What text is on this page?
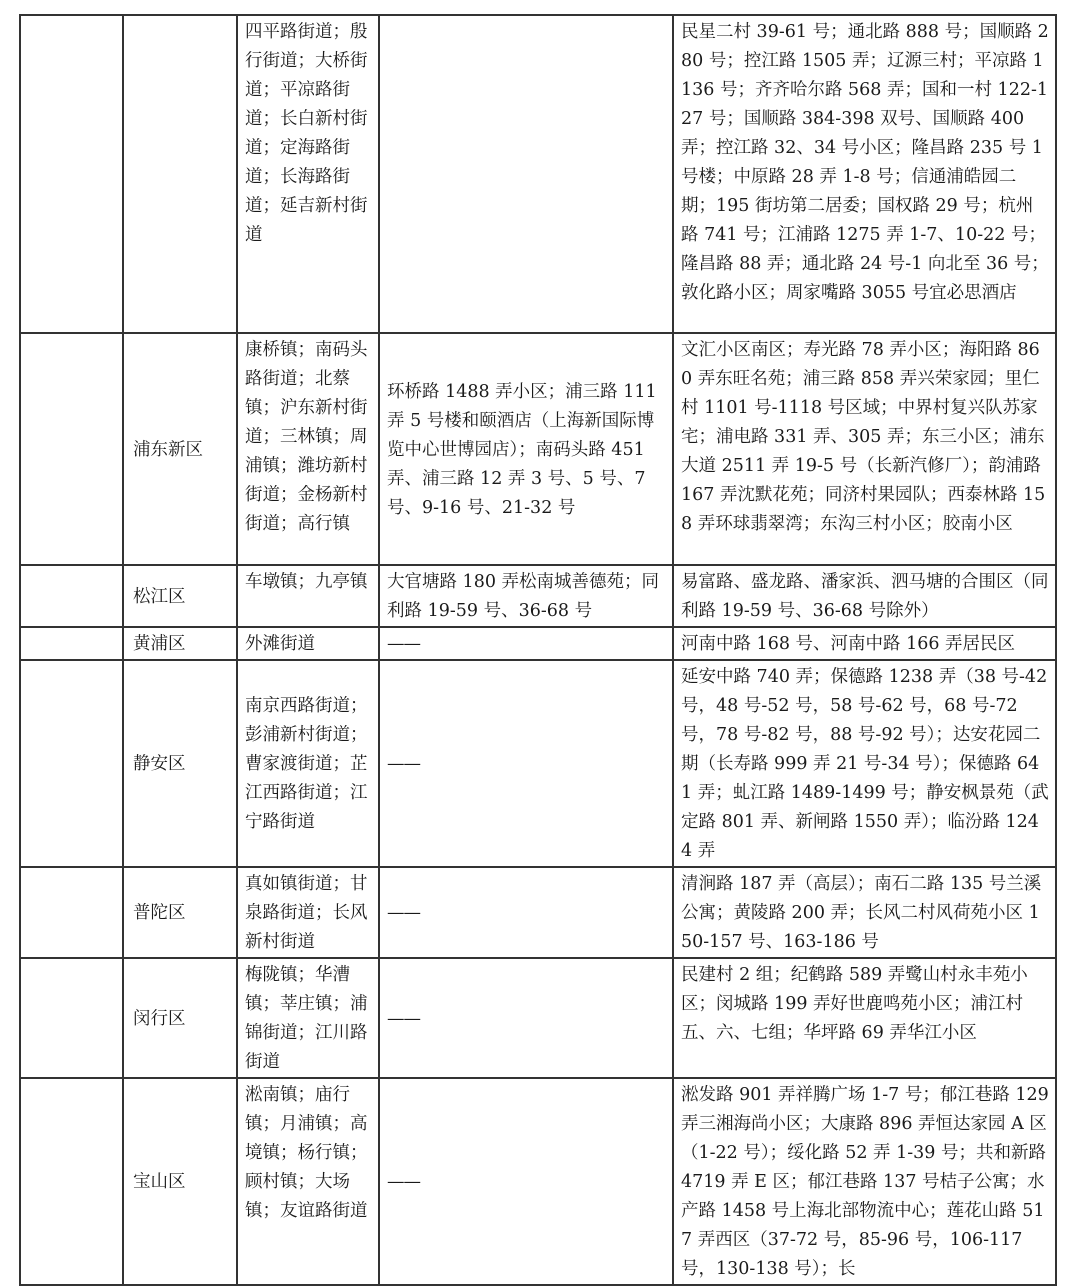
		四平路街道；殷行街道；大桥街道；平凉路街道；长白新村街道；定海路街道；长海路街道；延吉新村街道		民星二村 39-61 号；通北路 888 号；国顺路 280 号；控江路 1505 弄；辽源三村；平凉路 1136 号；齐齐哈尔路 568 弄；国和一村 122-127 号；国顺路 384-398 双号、国顺路 400 弄；控江路 32、34 号小区；隆昌路 235 号 1 号楼；中原路 28 弄 1-8 号；信通浦皓园二期；195 街坊第二居委；国权路 29 号；杭州路 741 号；江浦路 1275 弄 1-7、10-22 号；隆昌路 88 弄；通北路 24 号-1 向北至 36 号；敦化路小区；周家嘴路 3055 号宜必思酒店
	浦东新区	康桥镇；南码头路街道；北蔡镇；沪东新村街道；三林镇；周浦镇；潍坊新村街道；金杨新村街道；高行镇	环桥路 1488 弄小区；浦三路 111 弄 5 号楼和颐酒店（上海新国际博览中心世博园店）；南码头路 451 弄、浦三路 12 弄 3 号、5 号、7 号、9-16 号、21-32 号	文汇小区南区；寿光路 78 弄小区；海阳路 860 弄东旺名苑；浦三路 858 弄兴荣家园；里仁村 1101 号-1118 号区域；中界村复兴队苏家宅；浦电路 331 弄、305 弄；东三小区；浦东大道 2511 弄 19-5 号（长新汽修厂）；韵浦路 167 弄沈默花苑；同济村果园队；西泰林路 158 弄环球翡翠湾；东沟三村小区；胶南小区
	松江区	车墩镇；九亭镇	大官塘路 180 弄松南城善德苑；同利路 19-59 号、36-68 号	易富路、盛龙路、潘家浜、泗马塘的合围区（同利路 19-59 号、36-68 号除外）
	黄浦区	外滩街道	——	河南中路 168 号、河南中路 166 弄居民区
	静安区	南京西路街道；彭浦新村街道；曹家渡街道；芷江西路街道；江宁路街道	——	延安中路 740 弄；保德路 1238 弄（38 号-42 号，48 号-52 号，58 号-62 号，68 号-72 号，78 号-82 号，88 号-92 号）；达安花园二期（长寿路 999 弄 21 号-34 号）；保德路 641 弄；虬江路 1489-1499 号；静安枫景苑（武定路 801 弄、新闸路 1550 弄）；临汾路 1244 弄
	普陀区	真如镇街道；甘泉路街道；长风新村街道	——	清涧路 187 弄（高层）；南石二路 135 号兰溪公寓；黄陵路 200 弄；长风二村风荷苑小区 150-157 号、163-186 号
	闵行区	梅陇镇；华漕镇；莘庄镇；浦锦街道；江川路街道	——	民建村 2 组；纪鹤路 589 弄鹭山村永丰苑小区；闵城路 199 弄好世鹿鸣苑小区；浦江村五、六、七组；华坪路 69 弄华江小区
	宝山区	淞南镇；庙行镇；月浦镇；高境镇；杨行镇；顾村镇；大场镇；友谊路街道	——	淞发路 901 弄祥腾广场 1-7 号；郁江巷路 129 弄三湘海尚小区；大康路 896 弄恒达家园 A 区（1-22 号）；绥化路 52 弄 1-39 号；共和新路 4719 弄 E 区；郁江巷路 137 号桔子公寓；水产路 1458 号上海北部物流中心；莲花山路 517 弄西区（37-72 号，85-96 号，106-117 号，130-138 号）；长
